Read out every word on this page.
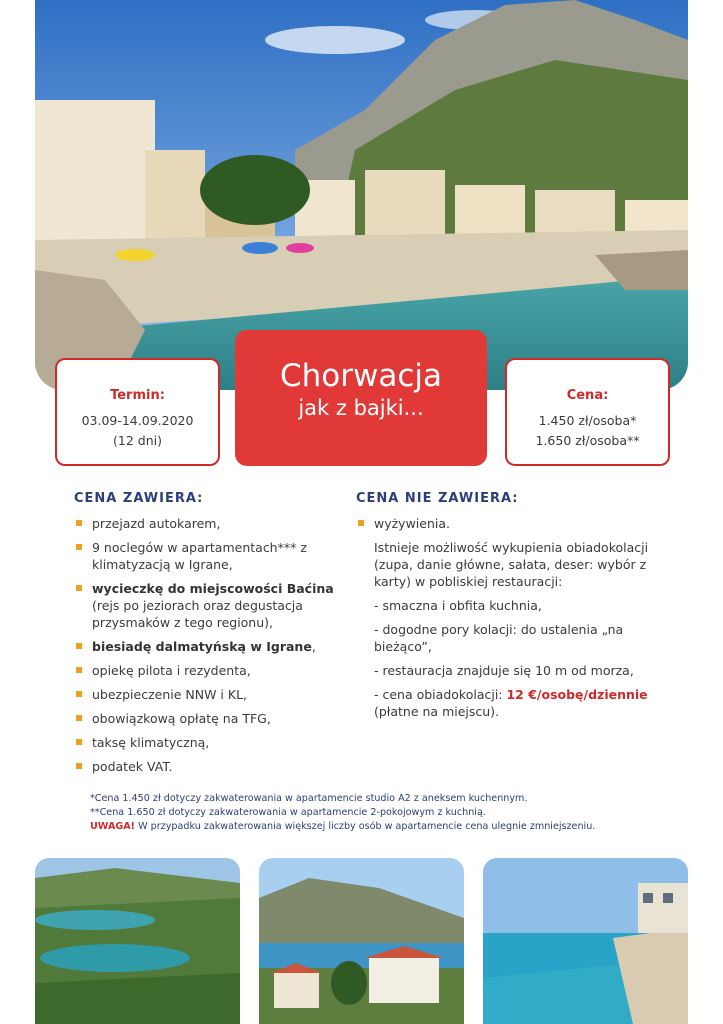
Termin:
03.09-14.09.2020
(12 dni)
Chorwacja
jak z bajki...
Cena:
1.450 zł/osoba*
1.650 zł/osoba**
CENA ZAWIERA:
przejazd autokarem,
9 noclegów w apartamentach*** z klimatyzacją w Igrane,
wycieczkę do miejscowości Baćina (rejs po jeziorach oraz degustacja przysmaków z tego regionu),
biesiadę dalmatyńską w Igrane,
opiekę pilota i rezydenta,
ubezpieczenie NNW i KL,
obowiązkową opłatę na TFG,
taksę klimatyczną,
podatek VAT.
CENA NIE ZAWIERA:
wyżywienia.
Istnieje możliwość wykupienia obiadokolacji (zupa, danie główne, sałata, deser: wybór z karty) w pobliskiej restauracji:
- smaczna i obfita kuchnia,
- dogodne pory kolacji: do ustalenia „na bieżąco”,
- restauracja znajduje się 10 m od morza,
- cena obiadokolacji: 12 €/osobę/dziennie
(płatne na miejscu).
*Cena 1.450 zł dotyczy zakwaterowania w apartamencie studio A2 z aneksem kuchennym.
**Cena 1.650 zł dotyczy zakwaterowania w apartamencie 2-pokojowym z kuchnią.
UWAGA! W przypadku zakwaterowania większej liczby osób w apartamencie cena ulegnie zmniejszeniu.
